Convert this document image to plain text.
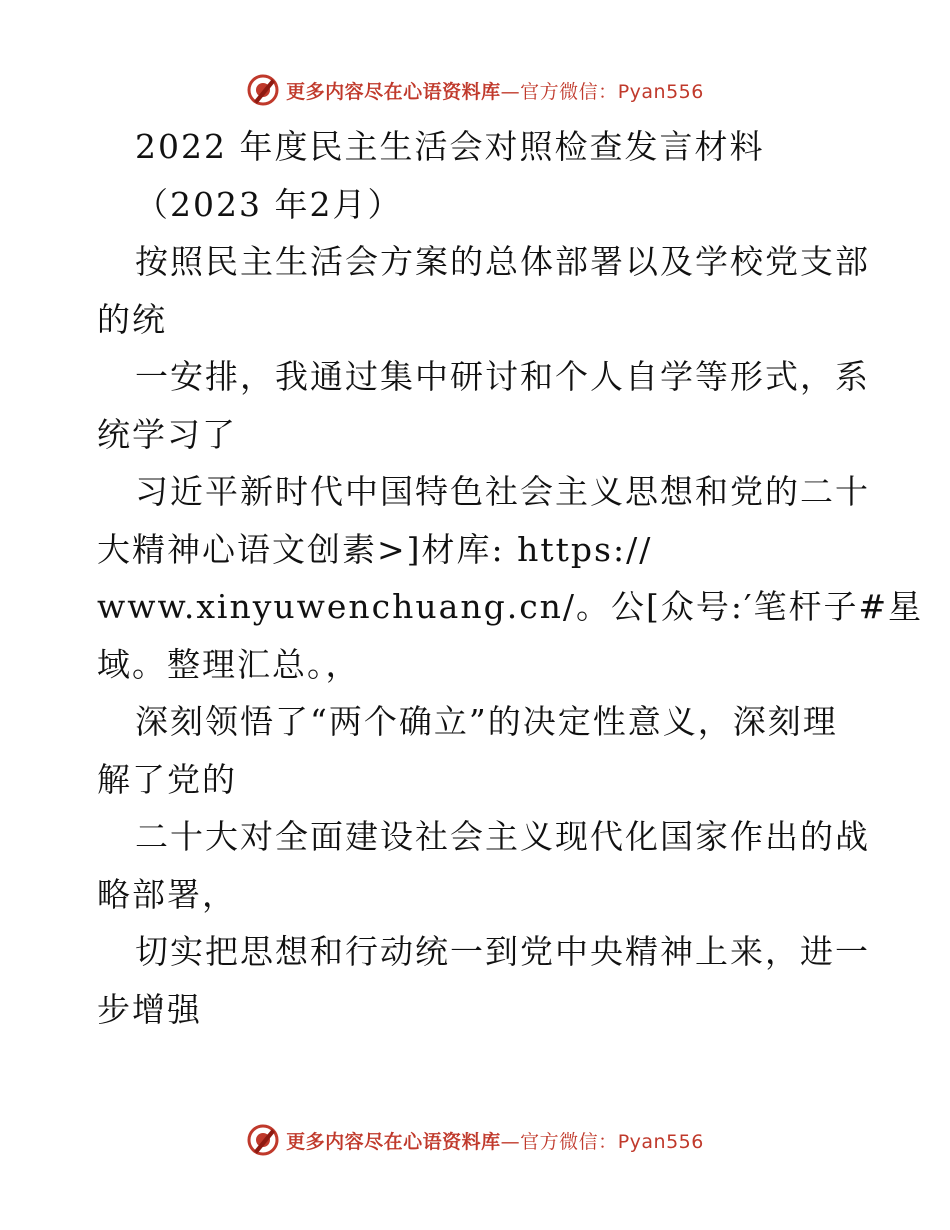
更多内容尽在心语资料库—官方微信：Pyan556
2022 年度民主生活会对照检查发言材料
（2023 年2月）
按照民主生活会方案的总体部署以及学校党支部
的统
一安排，我通过集中研讨和个人自学等形式，系
统学习了
习近平新时代中国特色社会主义思想和党的二十
大精神心语文创素>]材库: https://
www.xinyuwenchuang.cn/。公[众号:′笔杆子#星
域。整理汇总。，
深刻领悟了“两个确立”的决定性意义，深刻理
解了党的
二十大对全面建设社会主义现代化国家作出的战
略部署，
切实把思想和行动统一到党中央精神上来，进一
步增强
更多内容尽在心语资料库—官方微信：Pyan556
